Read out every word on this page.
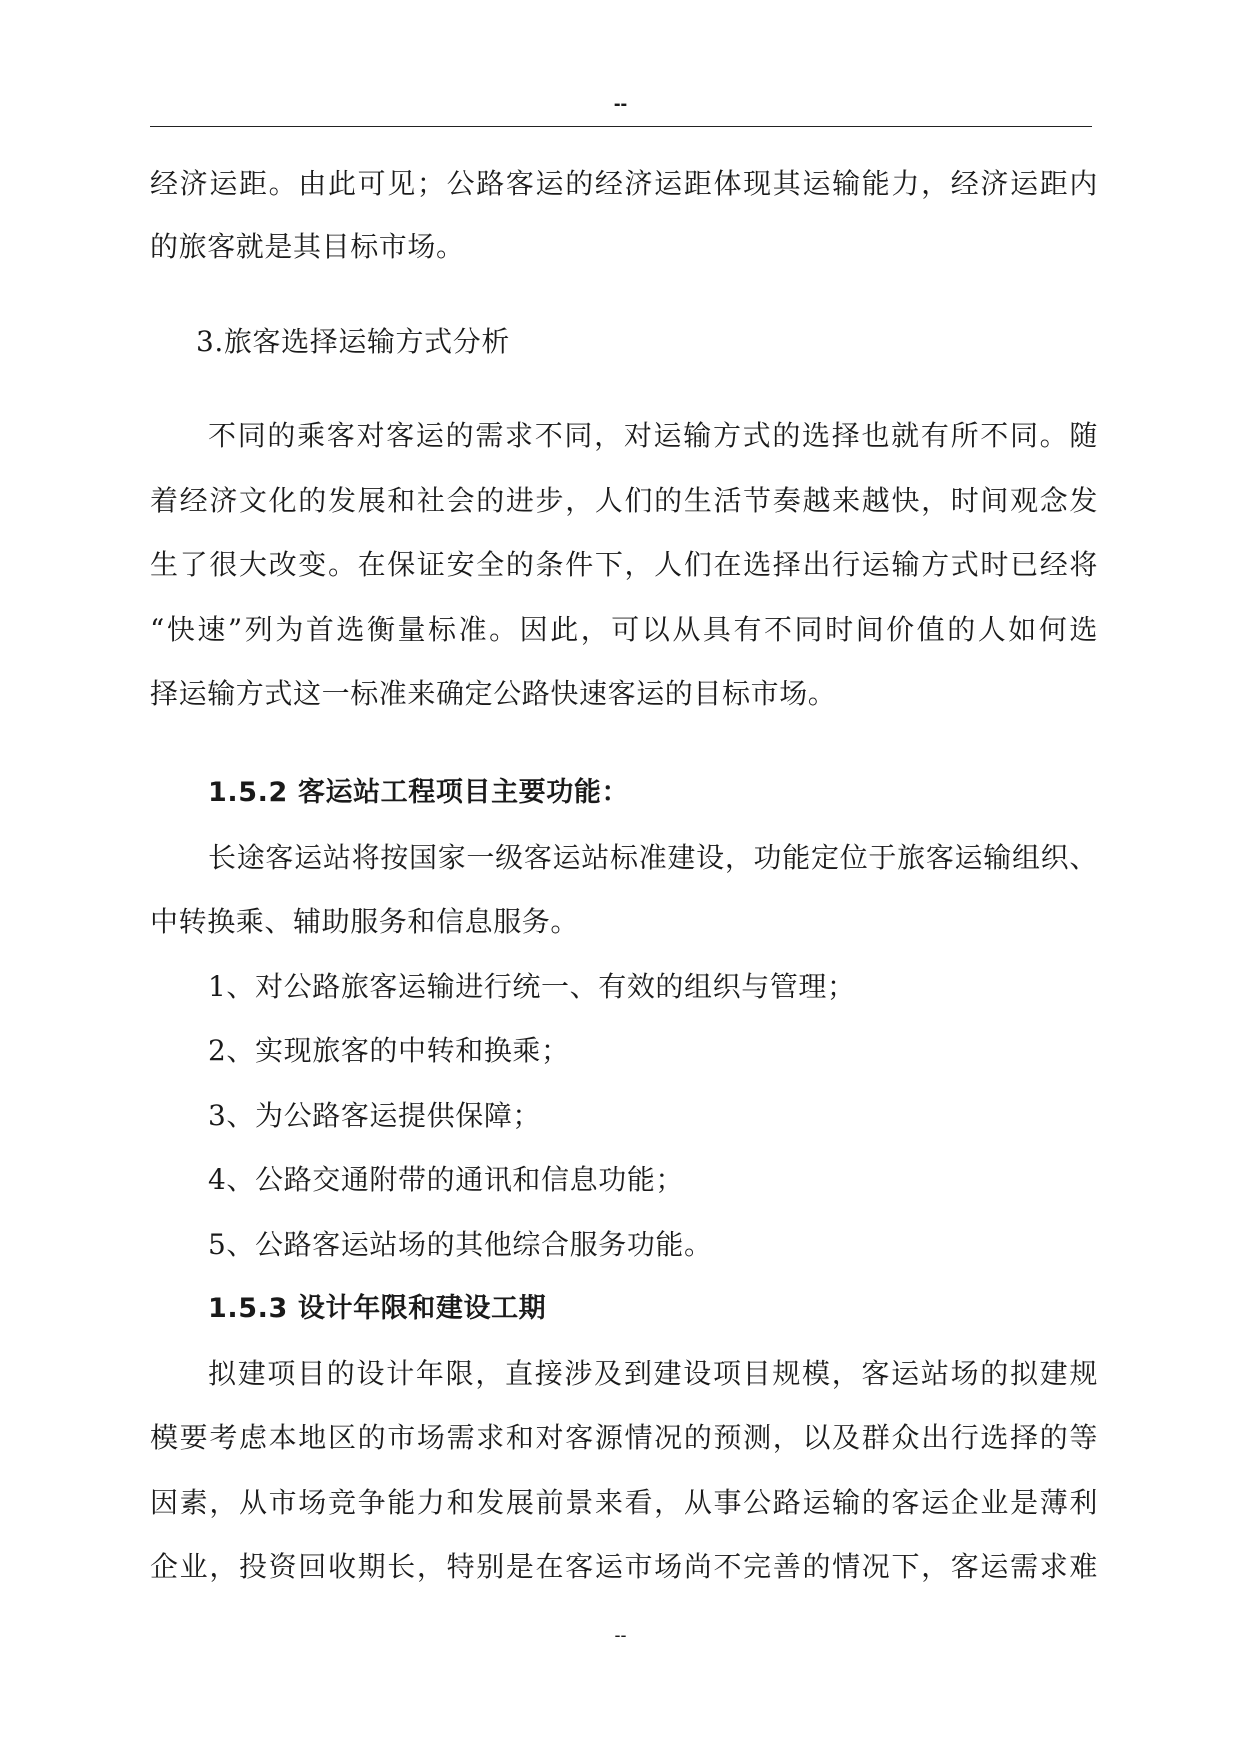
--
经济运距。由此可见；公路客运的经济运距体现其运输能力，经济运距内
的旅客就是其目标市场。
3.旅客选择运输方式分析
不同的乘客对客运的需求不同，对运输方式的选择也就有所不同。随
着经济文化的发展和社会的进步，人们的生活节奏越来越快，时间观念发
生了很大改变。在保证安全的条件下，人们在选择出行运输方式时已经将
“快速”列为首选衡量标准。因此，可以从具有不同时间价值的人如何选
择运输方式这一标准来确定公路快速客运的目标市场。
1.5.2 客运站工程项目主要功能：
长途客运站将按国家一级客运站标准建设，功能定位于旅客运输组织、
中转换乘、辅助服务和信息服务。
1、对公路旅客运输进行统一、有效的组织与管理；
2、实现旅客的中转和换乘；
3、为公路客运提供保障；
4、公路交通附带的通讯和信息功能；
5、公路客运站场的其他综合服务功能。
1.5.3 设计年限和建设工期
拟建项目的设计年限，直接涉及到建设项目规模，客运站场的拟建规
模要考虑本地区的市场需求和对客源情况的预测，以及群众出行选择的等
因素，从市场竞争能力和发展前景来看，从事公路运输的客运企业是薄利
企业，投资回收期长，特别是在客运市场尚不完善的情况下，客运需求难
--
